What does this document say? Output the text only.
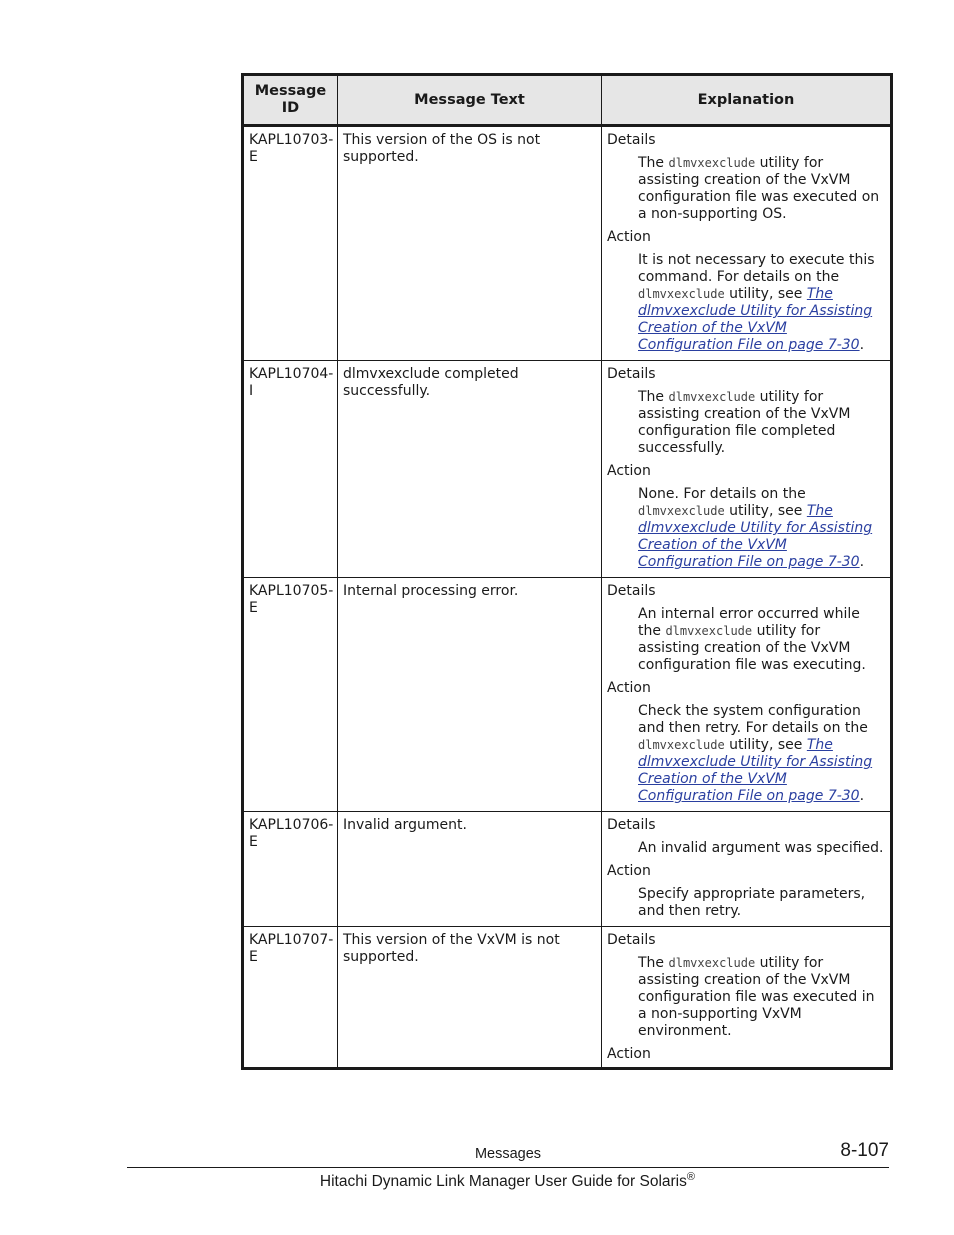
Message ID	Message Text	Explanation
KAPL10703-E	This version of the OS is not supported.	Details
The dlmvxexclude utility for assisting creation of the VxVM configuration file was executed on a non-supporting OS.
Action
It is not necessary to execute this command. For details on the dlmvxexclude utility, see The dlmvxexclude Utility for Assisting Creation of the VxVM Configuration File on page 7-30.

KAPL10704-I	dlmvxexclude completed successfully.	Details
The dlmvxexclude utility for assisting creation of the VxVM configuration file completed successfully.
Action
None. For details on the dlmvxexclude utility, see The dlmvxexclude Utility for Assisting Creation of the VxVM Configuration File on page 7-30.

KAPL10705-E	Internal processing error.	Details
An internal error occurred while the dlmvxexclude utility for assisting creation of the VxVM configuration file was executing.
Action
Check the system configuration and then retry. For details on the dlmvxexclude utility, see The dlmvxexclude Utility for Assisting Creation of the VxVM Configuration File on page 7-30.

KAPL10706-E	Invalid argument.	Details
An invalid argument was specified.
Action
Specify appropriate parameters, and then retry.

KAPL10707-E	This version of the VxVM is not supported.	Details
The dlmvxexclude utility for assisting creation of the VxVM configuration file was executed in a non-supporting VxVM environment.
Action
Messages	8-107
Hitachi Dynamic Link Manager User Guide for Solaris®
